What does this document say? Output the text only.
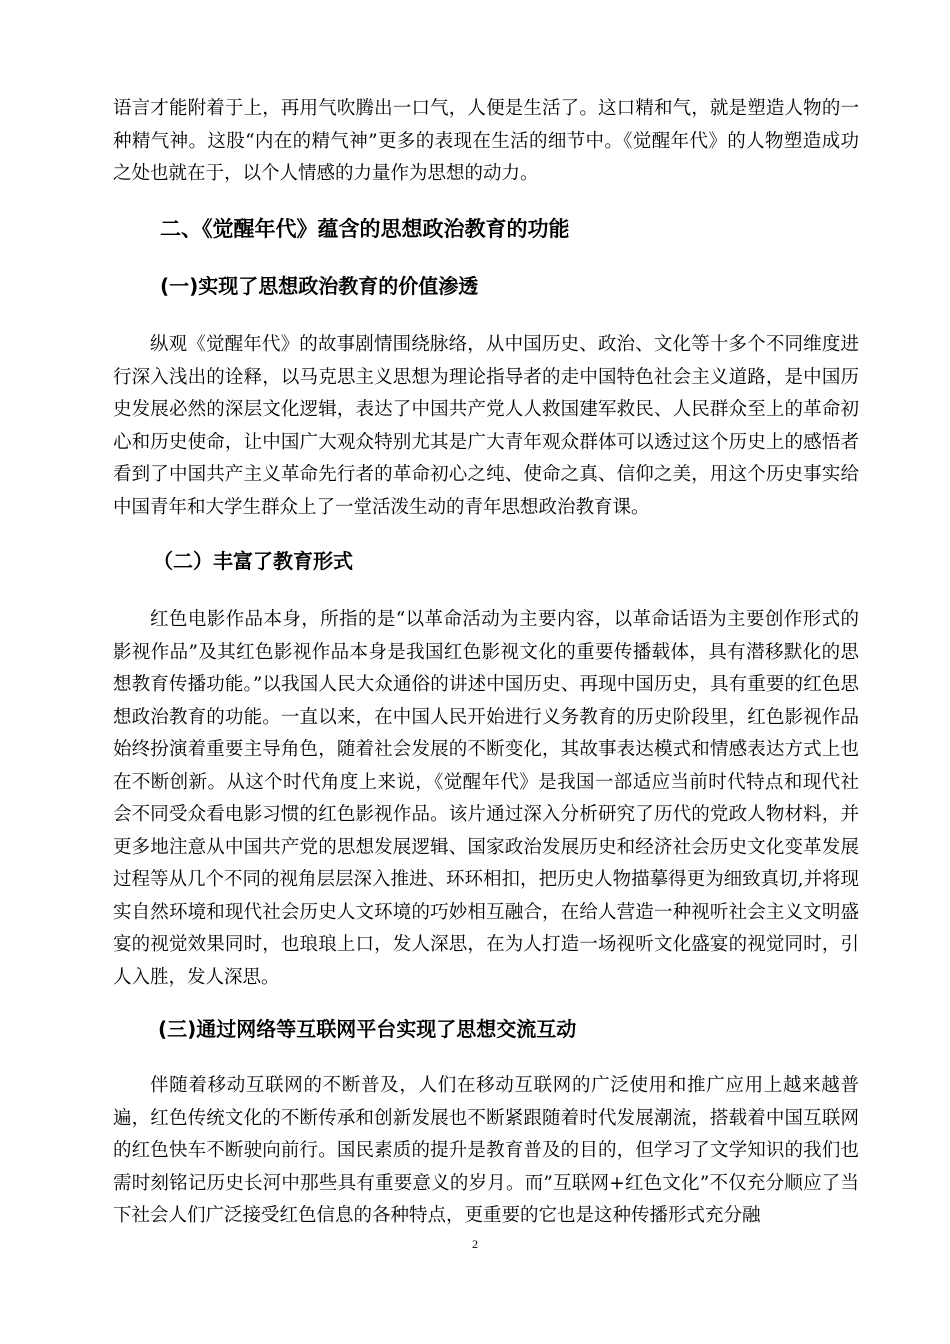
语言才能附着于上，再用气吹腾出一口气，人便是生活了。这口精和气，就是塑造人物的一种精气神。这股“内在的精气神”更多的表现在生活的细节中。《觉醒年代》的人物塑造成功之处也就在于，以个人情感的力量作为思想的动力。

二、《觉醒年代》蕴含的思想政治教育的功能
(一)实现了思想政治教育的价值渗透

纵观《觉醒年代》的故事剧情围绕脉络，从中国历史、政治、文化等十多个不同维度进行深入浅出的诠释，以马克思主义思想为理论指导者的走中国特色社会主义道路，是中国历史发展必然的深层文化逻辑，表达了中国共产党人人救国建军救民、人民群众至上的革命初心和历史使命，让中国广大观众特别尤其是广大青年观众群体可以透过这个历史上的感悟者看到了中国共产主义革命先行者的革命初心之纯、使命之真、信仰之美，用这个历史事实给中国青年和大学生群众上了一堂活泼生动的青年思想政治教育课。

（二）丰富了教育形式

红色电影作品本身，所指的是“以革命活动为主要内容，以革命话语为主要创作形式的影视作品”及其红色影视作品本身是我国红色影视文化的重要传播载体，具有潜移默化的思想教育传播功能。”以我国人民大众通俗的讲述中国历史、再现中国历史，具有重要的红色思想政治教育的功能。一直以来，在中国人民开始进行义务教育的历史阶段里，红色影视作品始终扮演着重要主导角色，随着社会发展的不断变化，其故事表达模式和情感表达方式上也在不断创新。从这个时代角度上来说，《觉醒年代》是我国一部适应当前时代特点和现代社会不同受众看电影习惯的红色影视作品。该片通过深入分析研究了历代的党政人物材料，并更多地注意从中国共产党的思想发展逻辑、国家政治发展历史和经济社会历史文化变革发展过程等从几个不同的视角层层深入推进、环环相扣，把历史人物描摹得更为细致真切,并将现实自然环境和现代社会历史人文环境的巧妙相互融合，在给人营造一种视听社会主义文明盛宴的视觉效果同时，也琅琅上口，发人深思，在为人打造一场视听文化盛宴的视觉同时，引人入胜，发人深思。

(三)通过网络等互联网平台实现了思想交流互动

伴随着移动互联网的不断普及，人们在移动互联网的广泛使用和推广应用上越来越普遍，红色传统文化的不断传承和创新发展也不断紧跟随着时代发展潮流，搭载着中国互联网的红色快车不断驶向前行。国民素质的提升是教育普及的目的，但学习了文学知识的我们也需时刻铭记历史长河中那些具有重要意义的岁月。而”互联网+红色文化”不仅充分顺应了当下社会人们广泛接受红色信息的各种特点，更重要的它也是这种传播形式充分融

2
